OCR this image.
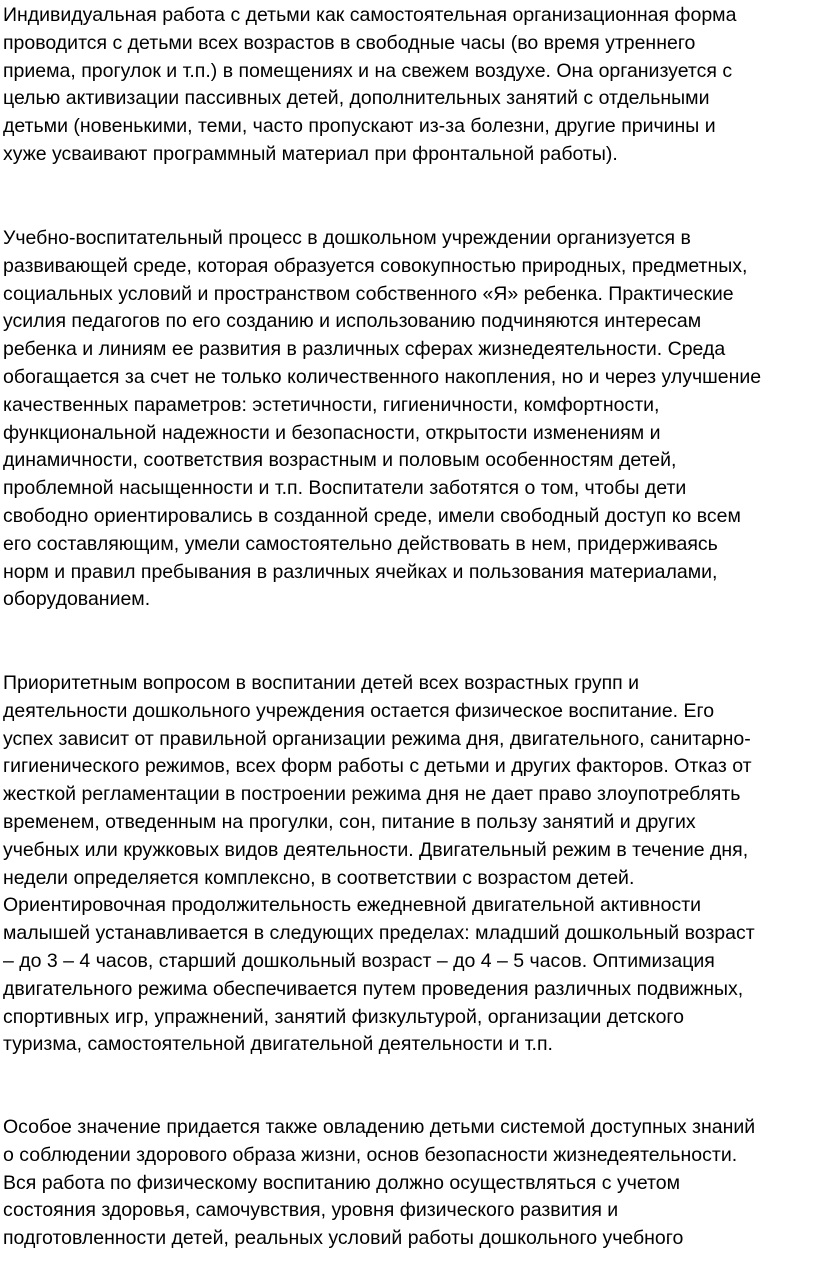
Индивидуальная работа с детьми как самостоятельная организационная форма
проводится с детьми всех возрастов в свободные часы (во время утреннего
приема, прогулок и т.п.) в помещениях и на свежем воздухе. Она организуется с
целью активизации пассивных детей, дополнительных занятий с отдельными
детьми (новенькими, теми, часто пропускают из-за болезни, другие причины и
хуже усваивают программный материал при фронтальной работы).

Учебно-воспитательный процесс в дошкольном учреждении организуется в
развивающей среде, которая образуется совокупностью природных, предметных,
социальных условий и пространством собственного «Я» ребенка. Практические
усилия педагогов по его созданию и использованию подчиняются интересам
ребенка и линиям ее развития в различных сферах жизнедеятельности. Среда
обогащается за счет не только количественного накопления, но и через улучшение
качественных параметров: эстетичности, гигиеничности, комфортности,
функциональной надежности и безопасности, открытости изменениям и
динамичности, соответствия возрастным и половым особенностям детей,
проблемной насыщенности и т.п. Воспитатели заботятся о том, чтобы дети
свободно ориентировались в созданной среде, имели свободный доступ ко всем
его составляющим, умели самостоятельно действовать в нем, придерживаясь
норм и правил пребывания в различных ячейках и пользования материалами,
оборудованием.

Приоритетным вопросом в воспитании детей всех возрастных групп и
деятельности дошкольного учреждения остается физическое воспитание. Его
успех зависит от правильной организации режима дня, двигательного, санитарно-
гигиенического режимов, всех форм работы с детьми и других факторов. Отказ от
жесткой регламентации в построении режима дня не дает право злоупотреблять
временем, отведенным на прогулки, сон, питание в пользу занятий и других
учебных или кружковых видов деятельности. Двигательный режим в течение дня,
недели определяется комплексно, в соответствии с возрастом детей.
Ориентировочная продолжительность ежедневной двигательной активности
малышей устанавливается в следующих пределах: младший дошкольный возраст
– до 3 – 4 часов, старший дошкольный возраст – до 4 – 5 часов. Оптимизация
двигательного режима обеспечивается путем проведения различных подвижных,
спортивных игр, упражнений, занятий физкультурой, организации детского
туризма, самостоятельной двигательной деятельности и т.п.

Особое значение придается также овладению детьми системой доступных знаний
о соблюдении здорового образа жизни, основ безопасности жизнедеятельности.
Вся работа по физическому воспитанию должно осуществляться с учетом
состояния здоровья, самочувствия, уровня физического развития и
подготовленности детей, реальных условий работы дошкольного учебного
